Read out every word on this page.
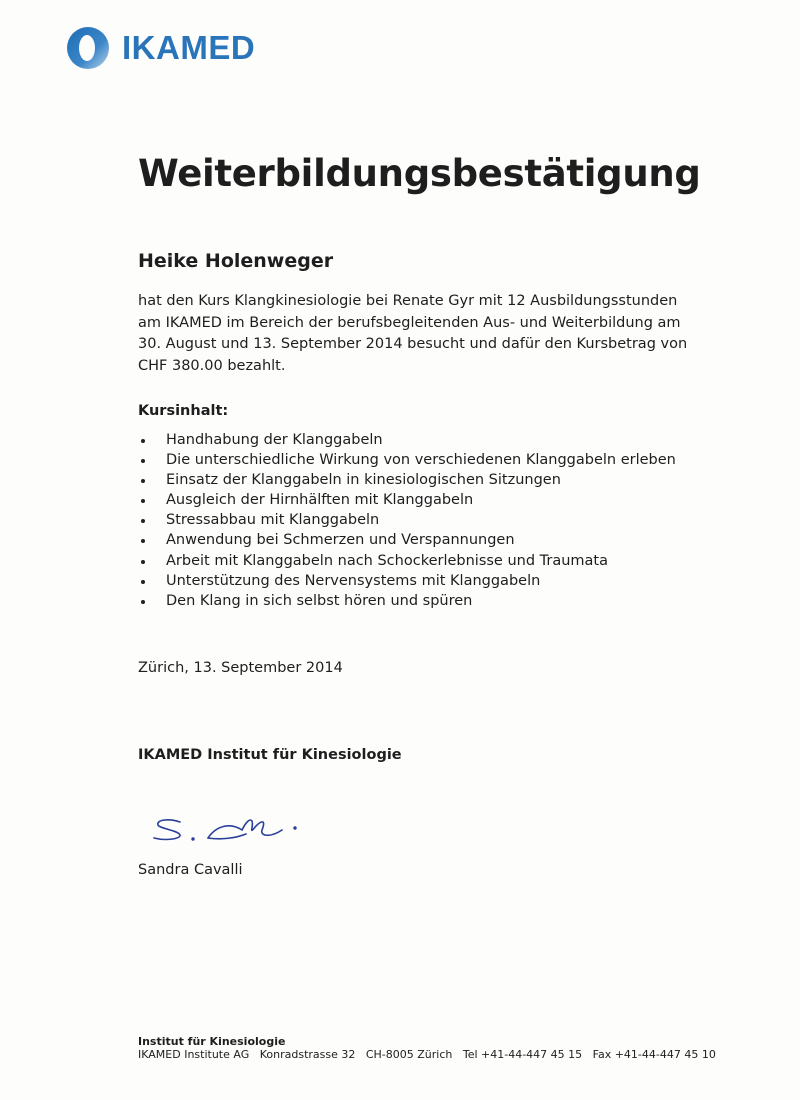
IKAMED
Weiterbildungsbestätigung
Heike Holenweger
hat den Kurs Klangkinesiologie bei Renate Gyr mit 12 Ausbildungsstunden
am IKAMED im Bereich der berufsbegleitenden Aus- und Weiterbildung am
30. August und 13. September 2014 besucht und dafür den Kursbetrag von
CHF 380.00 bezahlt.
Kursinhalt:
Handhabung der Klanggabeln
Die unterschiedliche Wirkung von verschiedenen Klanggabeln erleben
Einsatz der Klanggabeln in kinesiologischen Sitzungen
Ausgleich der Hirnhälften mit Klanggabeln
Stressabbau mit Klanggabeln
Anwendung bei Schmerzen und Verspannungen
Arbeit mit Klanggabeln nach Schockerlebnisse und Traumata
Unterstützung des Nervensystems mit Klanggabeln
Den Klang in sich selbst hören und spüren
Zürich, 13. September 2014
IKAMED Institut für Kinesiologie
Sandra Cavalli
Institut für Kinesiologie
IKAMED Institute AG   Konradstrasse 32   CH-8005 Zürich   Tel +41-44-447 45 15   Fax +41-44-447 45 10
